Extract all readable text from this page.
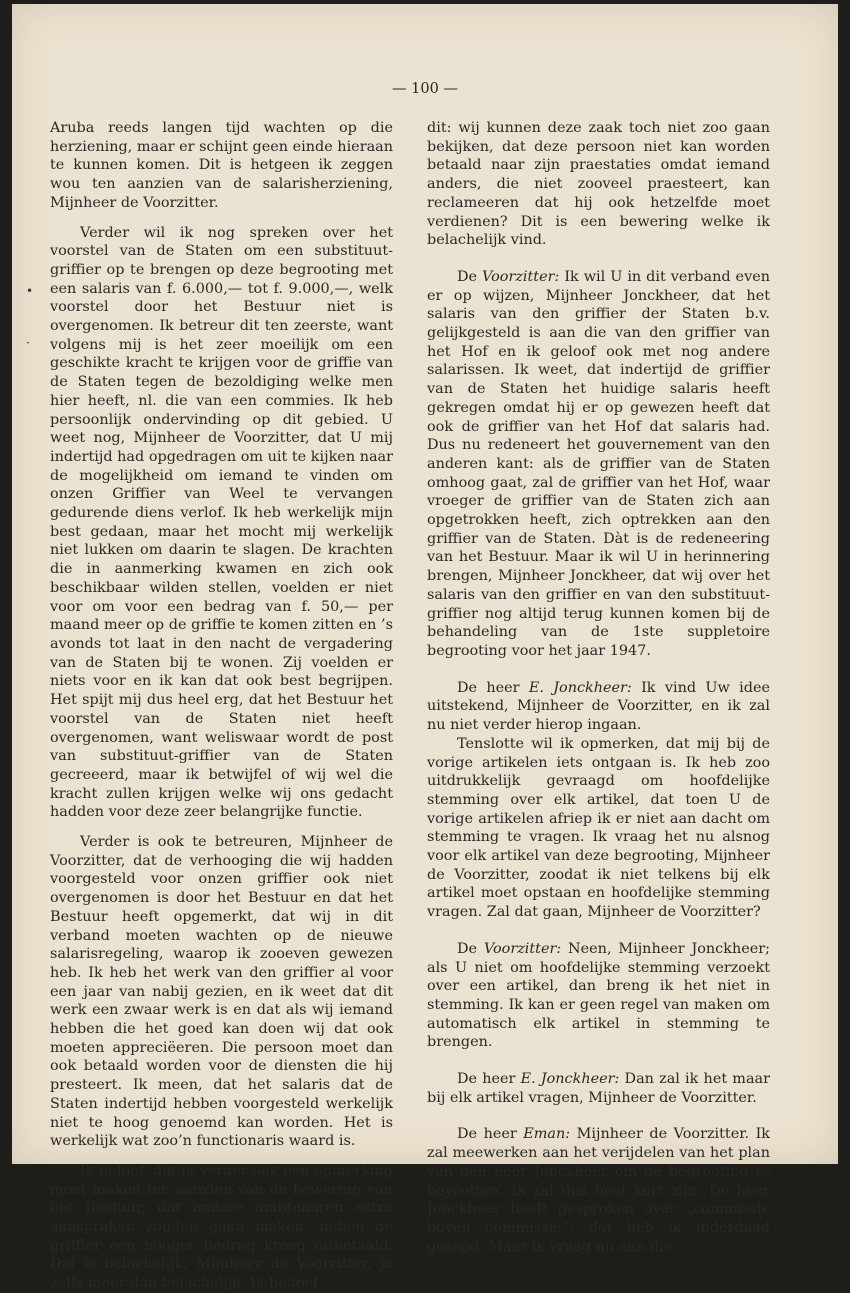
— 100 —
•
·

Aruba reeds langen tijd wachten op die herziening, maar er schijnt geen einde hieraan te kunnen komen. Dit is hetgeen ik zeggen wou ten aanzien van de salarisherziening, Mijnheer de Voorzitter.

Verder wil ik nog spreken over het voorstel van de Staten om een substituut-griffier op te brengen op deze begrooting met een salaris van f. 6.000,— tot f. 9.000,—, welk voorstel door het Bestuur niet is overgenomen. Ik betreur dit ten zeerste, want volgens mij is het zeer moeilijk om een geschikte kracht te krijgen voor de griffie van de Staten tegen de bezoldiging welke men hier heeft, nl. die van een commies. Ik heb persoonlijk ondervinding op dit gebied. U weet nog, Mijnheer de Voorzitter, dat U mij indertijd had opgedragen om uit te kijken naar de mogelijkheid om iemand te vinden om onzen Griffier van Weel te vervangen gedurende diens verlof. Ik heb werkelijk mijn best gedaan, maar het mocht mij werkelijk niet lukken om daarin te slagen. De krachten die in aanmerking kwamen en zich ook beschikbaar wilden stellen, voelden er niet voor om voor een bedrag van f. 50,— per maand meer op de griffie te komen zitten en ’s avonds tot laat in den nacht de vergadering van de Staten bij te wonen. Zij voelden er niets voor en ik kan dat ook best begrijpen. Het spijt mij dus heel erg, dat het Bestuur het voorstel van de Staten niet heeft overgenomen, want weliswaar wordt de post van substituut-griffier van de Staten gecreeerd, maar ik betwijfel of wij wel die kracht zullen krijgen welke wij ons gedacht hadden voor deze zeer belangrijke functie.

Verder is ook te betreuren, Mijnheer de Voorzitter, dat de verhooging die wij hadden voorgesteld voor onzen griffier ook niet overgenomen is door het Bestuur en dat het Bestuur heeft opgemerkt, dat wij in dit verband moeten wachten op de nieuwe salarisregeling, waarop ik zooeven gewezen heb. Ik heb het werk van den griffier al voor een jaar van nabij gezien, en ik weet dat dit werk een zwaar werk is en dat als wij iemand hebben die het goed kan doen wij dat ook moeten appreciëeren. Die persoon moet dan ook betaald worden voor de diensten die hij presteert. Ik meen, dat het salaris dat de Staten indertijd hebben voorgesteld werkelijk niet te hoog genoemd kan worden. Het is werkelijk wat zoo’n functionaris waard is.

Ik geloof, dat ik verder ook een opmerking moet maken ten aanzien van de bewering van het Bestuur, dat andere ambtenaren extra aanspraken zouden gaan maken, indien de griffier een hooger bedrag kreeg uitbetaald. Dat is belachelijk, Mijnheer de Voorzitter, ja zelfs meer dan belachelijk. Ik bedoel

dit: wij kunnen deze zaak toch niet zoo gaan bekijken, dat deze persoon niet kan worden betaald naar zijn praestaties omdat iemand anders, die niet zooveel praesteert, kan reclameeren dat hij ook hetzelfde moet verdienen? Dit is een bewering welke ik belachelijk vind.

De Voorzitter: Ik wil U in dit verband even er op wijzen, Mijnheer Jonckheer, dat het salaris van den griffier der Staten b.v. gelijkgesteld is aan die van den griffier van het Hof en ik geloof ook met nog andere salarissen. Ik weet, dat indertijd de griffier van de Staten het huidige salaris heeft gekregen omdat hij er op gewezen heeft dat ook de griffier van het Hof dat salaris had. Dus nu redeneert het gouvernement van den anderen kant: als de griffier van de Staten omhoog gaat, zal de griffier van het Hof, waar vroeger de griffier van de Staten zich aan opgetrokken heeft, zich optrekken aan den griffier van de Staten. Dàt is de redeneering van het Bestuur. Maar ik wil U in herinnering brengen, Mijnheer Jonckheer, dat wij over het salaris van den griffier en van den substituut-griffier nog altijd terug kunnen komen bij de behandeling van de 1ste suppletoire begrooting voor het jaar 1947.

De heer E. Jonckheer: Ik vind Uw idee uitstekend, Mijnheer de Voorzitter, en ik zal nu niet verder hierop ingaan.

Tenslotte wil ik opmerken, dat mij bij de vorige artikelen iets ontgaan is. Ik heb zoo uitdrukkelijk gevraagd om hoofdelijke stemming over elk artikel, dat toen U de vorige artikelen afriep ik er niet aan dacht om stemming te vragen. Ik vraag het nu alsnog voor elk artikel van deze begrooting, Mijnheer de Voorzitter, zoodat ik niet telkens bij elk artikel moet opstaan en hoofdelijke stemming vragen. Zal dat gaan, Mijnheer de Voorzitter?

De Voorzitter: Neen, Mijnheer Jonckheer; als U niet om hoofdelijke stemming verzoekt over een artikel, dan breng ik het niet in stemming. Ik kan er geen regel van maken om automatisch elk artikel in stemming te brengen.

De heer E. Jonckheer: Dan zal ik het maar bij elk artikel vragen, Mijnheer de Voorzitter.

De heer Eman: Mijnheer de Voorzitter. Ik zal meewerken aan het verijdelen van het plan van den heer Jonckheer om de begrooting te boycotten. Ik zal dus heel kort zijn. De heer Jonckheer heeft gesproken over „commissie boven commissie”; dat heb ik inderdaad gezegd. Maar ik vraag nu aan die
